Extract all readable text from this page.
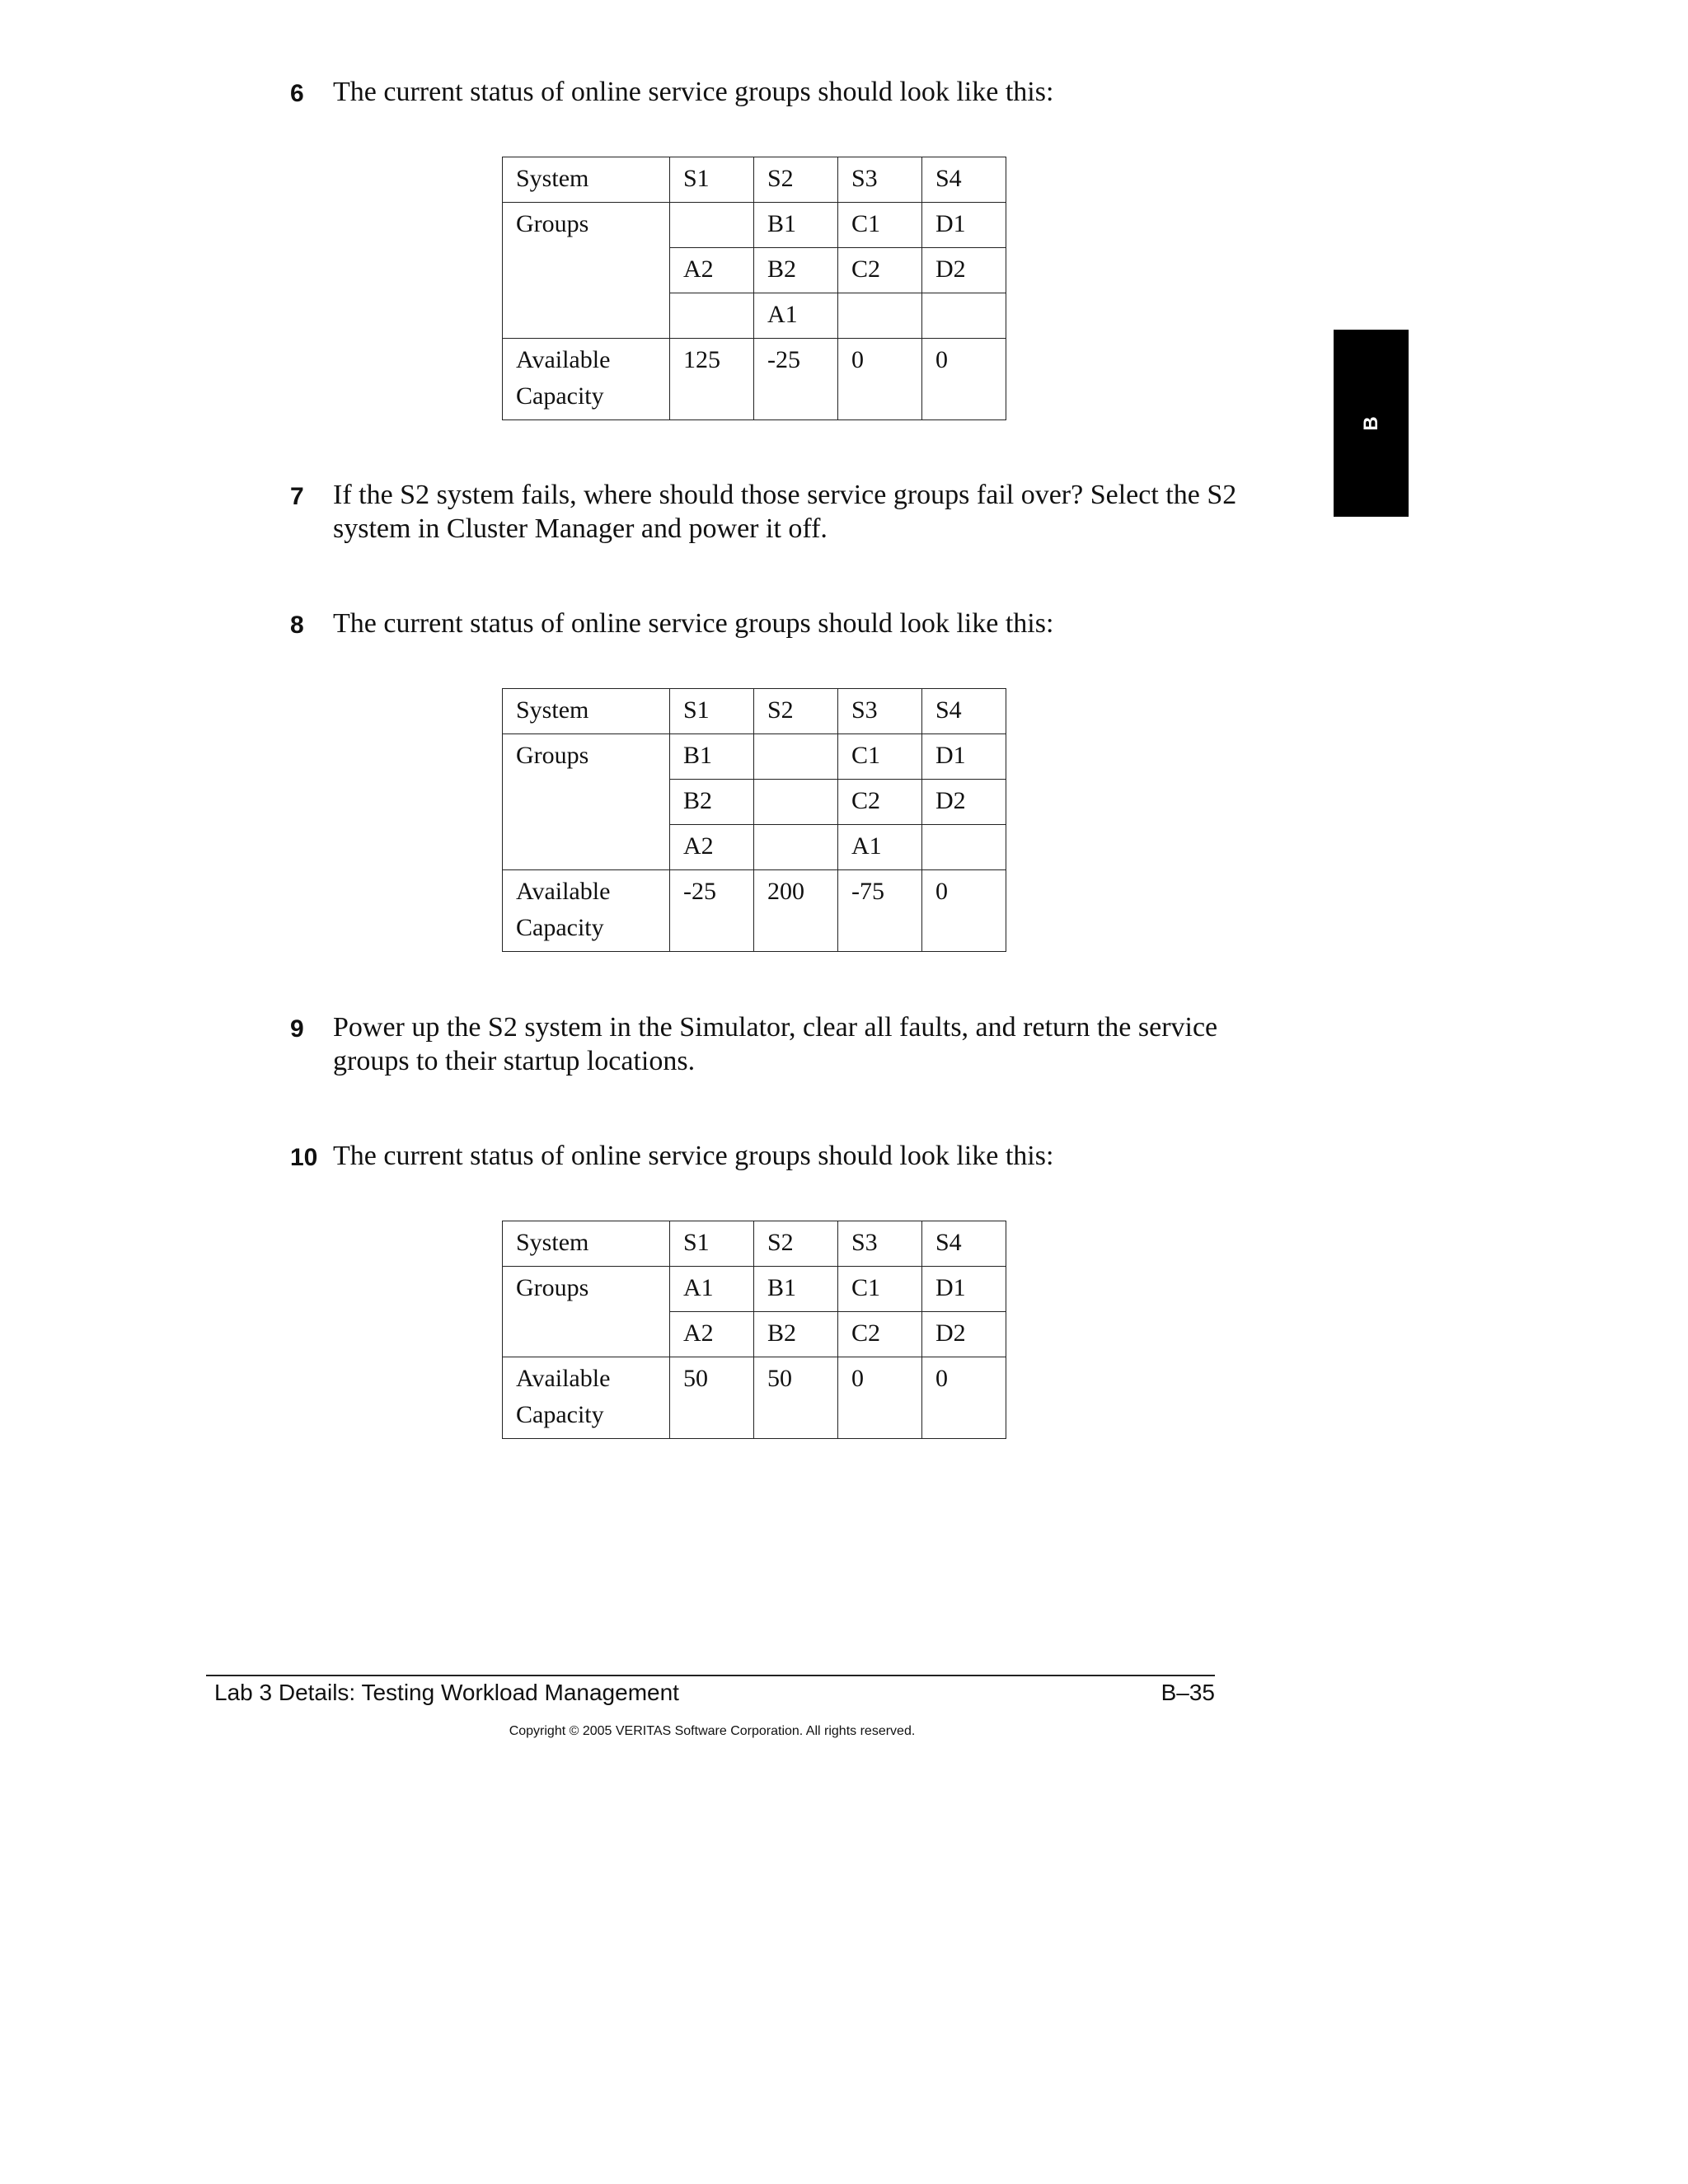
6 The current status of online service groups should look like this:
System	S1	S2	S3	S4
Groups		B1	C1	D1
	A2	B2	C2	D2
		A1		
Available Capacity	125	-25	0	0
7 If the S2 system fails, where should those service groups fail over? Select the S2 system in Cluster Manager and power it off.
8 The current status of online service groups should look like this:
System	S1	S2	S3	S4
Groups	B1		C1	D1
	B2		C2	D2
	A2		A1	
Available Capacity	-25	200	-75	0
9 Power up the S2 system in the Simulator, clear all faults, and return the service groups to their startup locations.
10 The current status of online service groups should look like this:
System	S1	S2	S3	S4
Groups	A1	B1	C1	D1
	A2	B2	C2	D2
Available Capacity	50	50	0	0
B
Lab 3 Details: Testing Workload Management	B–35
Copyright © 2005 VERITAS Software Corporation. All rights reserved.
